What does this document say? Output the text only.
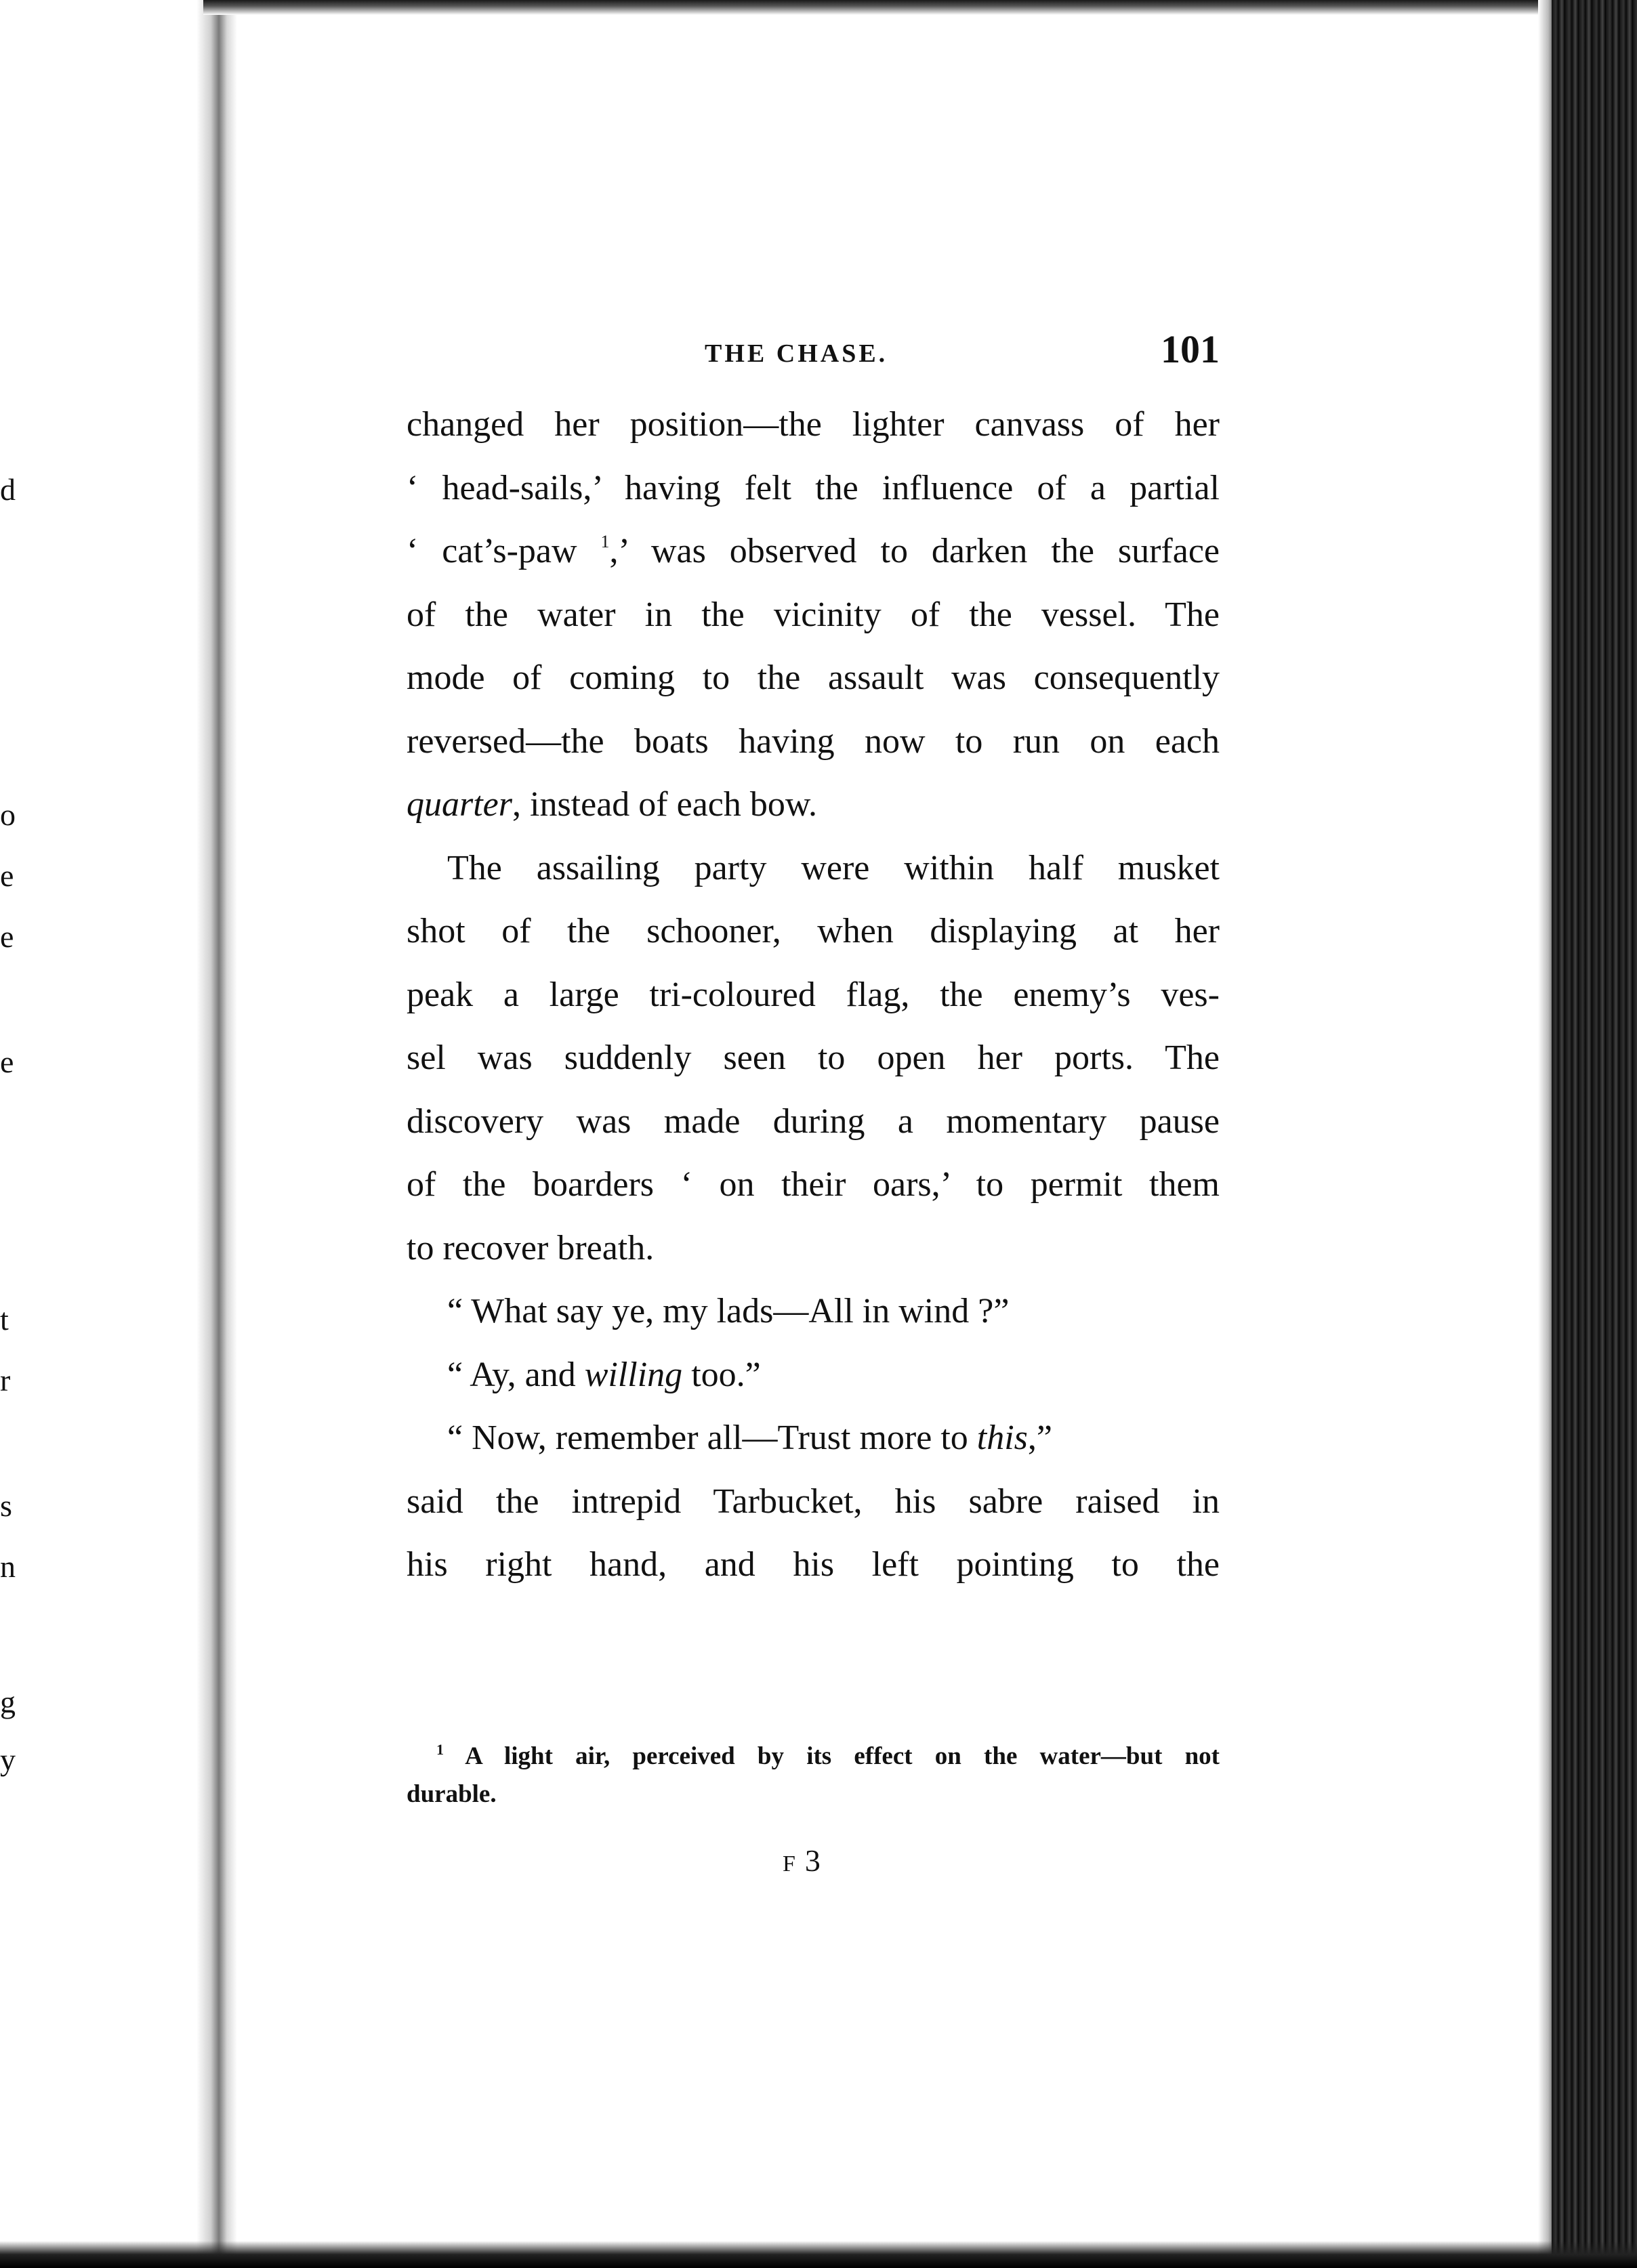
d
o
e
e
e
t
r
s
n
g
y
THE CHASE.	101
changed her position—the lighter canvass of her
‘ head-sails,’ having felt the influence of a partial
‘ cat’s-paw $^1$,’ was observed to darken the surface
of the water in the vicinity of the vessel. The
mode of coming to the assault was consequently
reversed—the boats having now to run on each
quarter, instead of each bow.
The assailing party were within half musket
shot of the schooner, when displaying at her
peak a large tri-coloured flag, the enemy’s ves-
sel was suddenly seen to open her ports. The
discovery was made during a momentary pause
of the boarders ‘ on their oars,’ to permit them
to recover breath.
“ What say ye, my lads—All in wind ?”
“ Ay, and willing too.”
“ Now, remember all—Trust more to this,”
said the intrepid Tarbucket, his sabre raised in
his right hand, and his left pointing to the
$^1$ A light air, perceived by its effect on the water—but not
durable.
F3
